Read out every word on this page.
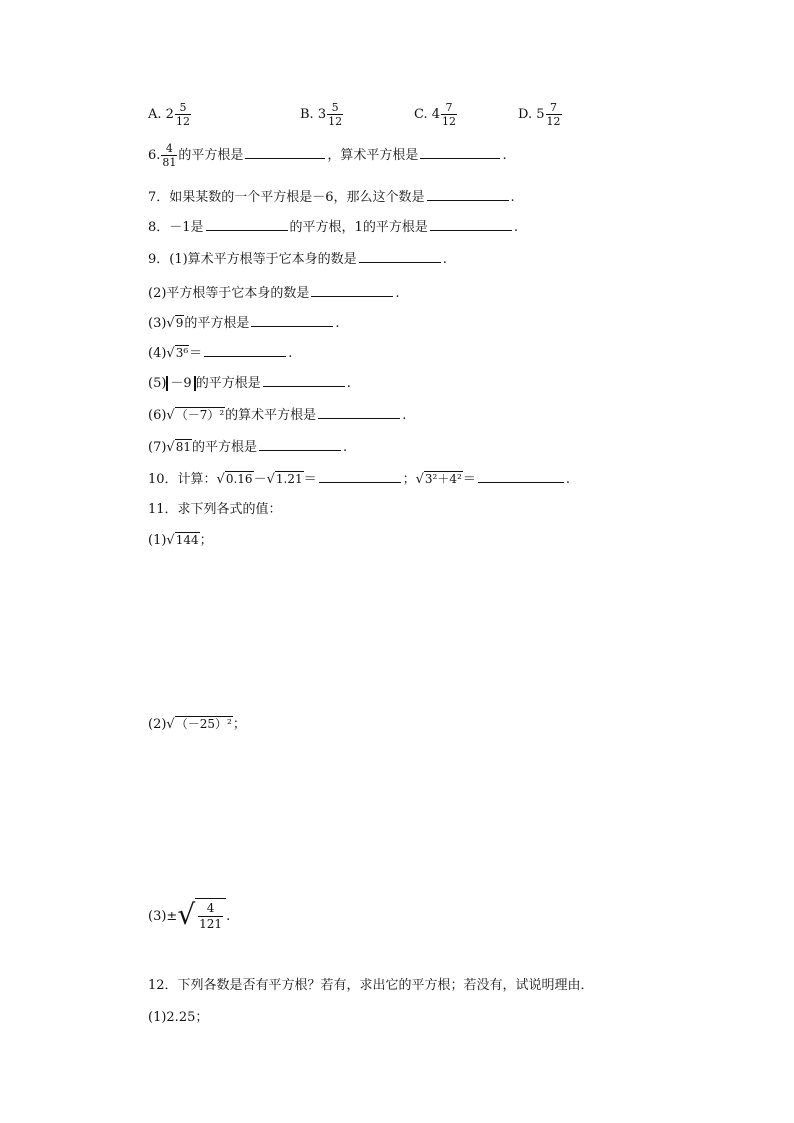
A. $2 \frac{5}{12}$	B. $3 \frac{5}{12}$	C. $4 \frac{7}{12}$	D. $5 \frac{7}{12}$
6. $\frac{4}{81}$ 的平方根是	，算术平方根是	.
7．如果某数的一个平方根是－6，那么这个数是	.
8．－1是	的平方根，1的平方根是	.
9．(1)算术平方根等于它本身的数是	.
(2)平方根等于它本身的数是	.
(3)√9的平方根是	.
(4)√3⁶＝	.
(5) －9 的平方根是	.
(6)√（－7）²的算术平方根是	.
(7)√81的平方根是	.
10．计算：√0.16－√1.21＝	；√3²＋4²＝	.
11．求下列各式的值：
(1)√144；
(2)√（－25）²；
(3)± √ $\frac{4}{121}$ .
12．下列各数是否有平方根？若有，求出它的平方根；若没有，试说明理由．
(1)2.25；
